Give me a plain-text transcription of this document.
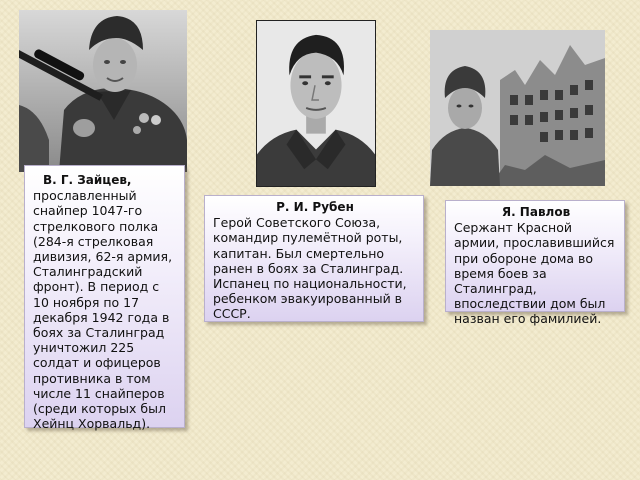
В. Г. Зайцев, прославленный снайпер 1047-го стрелкового полка (284-я стрелковая дивизия, 62-я армия, Сталинградский фронт). В период с 10 ноября по 17 декабря 1942 года в боях за Сталинград уничтожил 225 солдат и офицеров противника в том числе 11 снайперов (среди которых был Хейнц Хорвальд).
Р. И. Рубен
Герой Советского Союза, командир пулемётной роты, капитан. Был смертельно ранен в боях за Сталинград. Испанец по национальности, ребенком эвакуированный в СССР.
Я. Павлов
Сержант Красной армии, прославившийся при обороне дома во время боев за Сталинград, впоследствии дом был назван его фамилией.
